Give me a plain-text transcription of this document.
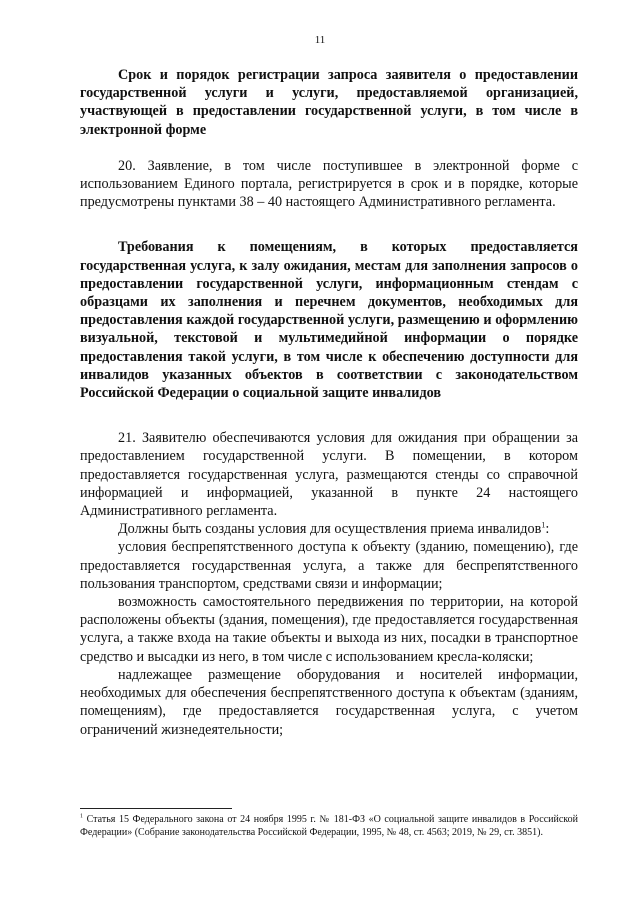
11

Срок и порядок регистрации запроса заявителя о предоставлении государственной услуги и услуги, предоставляемой организацией, участвующей в предоставлении государственной услуги, в том числе в электронной форме

20. Заявление, в том числе поступившее в электронной форме с использованием Единого портала, регистрируется в срок и в порядке, которые предусмотрены пунктами 38 – 40 настоящего Административного регламента.

Требования к помещениям, в которых предоставляется государственная услуга, к залу ожидания, местам для заполнения запросов о предоставлении государственной услуги, информационным стендам с образцами их заполнения и перечнем документов, необходимых для предоставления каждой государственной услуги, размещению и оформлению визуальной, текстовой и мультимедийной информации о порядке предоставления такой услуги, в том числе к обеспечению доступности для инвалидов указанных объектов в соответствии с законодательством Российской Федерации о социальной защите инвалидов

21. Заявителю обеспечиваются условия для ожидания при обращении за предоставлением государственной услуги. В помещении, в котором предоставляется государственная услуга, размещаются стенды со справочной информацией и информацией, указанной в пункте 24 настоящего Административного регламента.

Должны быть созданы условия для осуществления приема инвалидов$^1$:

условия беспрепятственного доступа к объекту (зданию, помещению), где предоставляется государственная услуга, а также для беспрепятственного пользования транспортом, средствами связи и информации;

возможность самостоятельного передвижения по территории, на которой расположены объекты (здания, помещения), где предоставляется государственная услуга, а также входа на такие объекты и выхода из них, посадки в транспортное средство и высадки из него, в том числе с использованием кресла-коляски;

надлежащее размещение оборудования и носителей информации, необходимых для обеспечения беспрепятственного доступа к объектам (зданиям, помещениям), где предоставляется государственная услуга, с учетом ограничений жизнедеятельности;

$^1$ Статья 15 Федерального закона от 24 ноября 1995 г. № 181-ФЗ «О социальной защите инвалидов в Российской Федерации» (Собрание законодательства Российской Федерации, 1995, № 48, ст. 4563; 2019, № 29, ст. 3851).
